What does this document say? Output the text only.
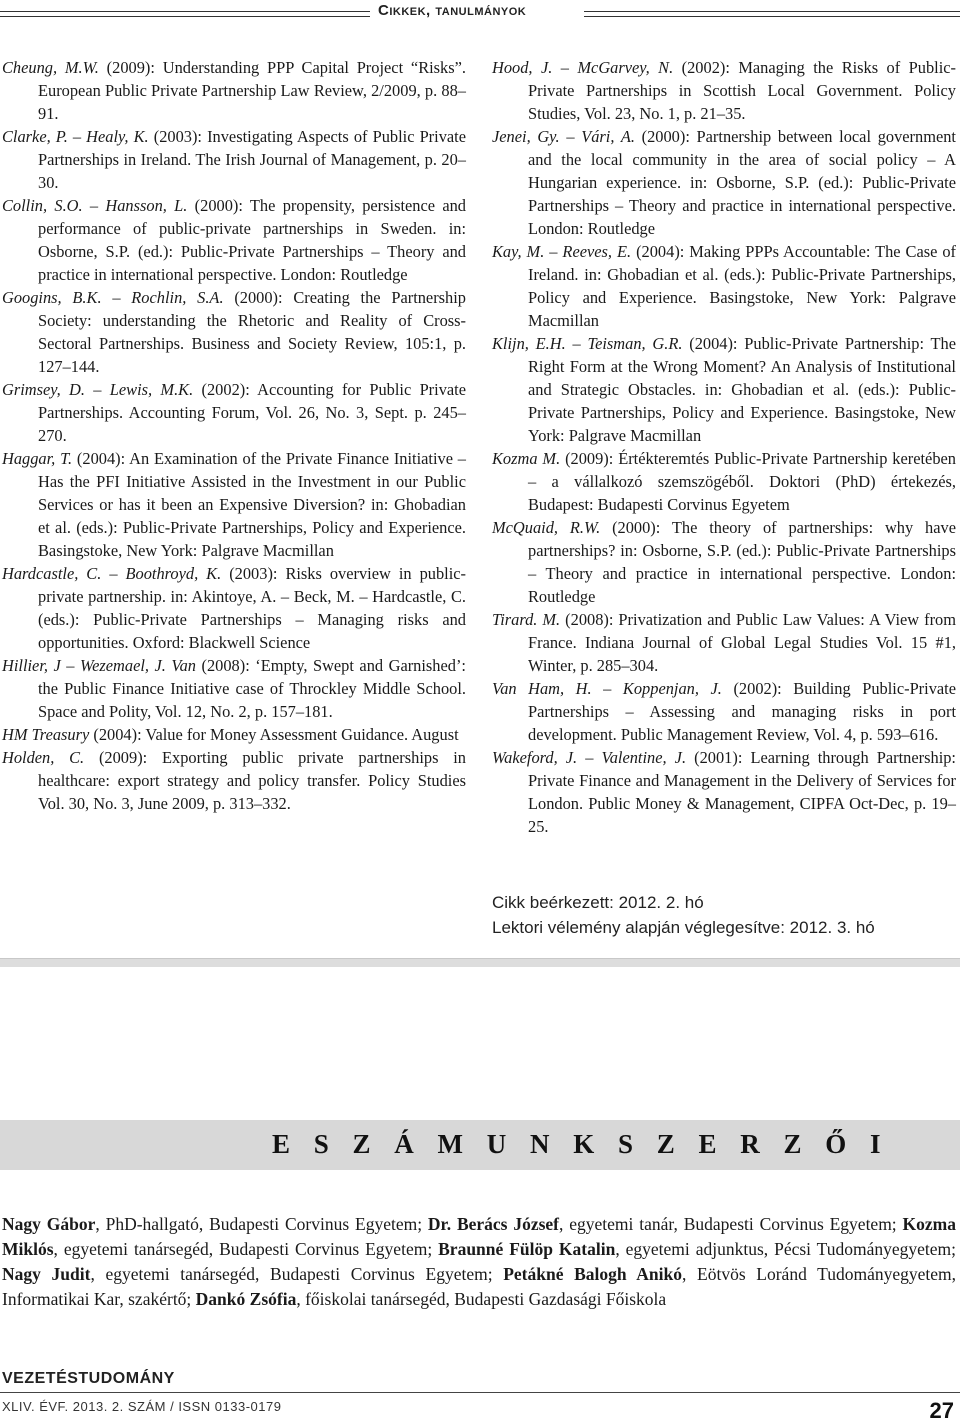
Cikkek, tanulmányok

Cheung, M.W. (2009): Understanding PPP Capital Project “Risks”. European Public Private Partnership Law Review, 2/2009, p. 88–91.

Clarke, P. – Healy, K. (2003): Investigating Aspects of Public Private Partnerships in Ireland. The Irish Journal of Management, p. 20–30.

Collin, S.O. – Hansson, L. (2000): The propensity, persistence and performance of public-private partnerships in Sweden. in: Osborne, S.P. (ed.): Public-Private Partnerships – Theory and practice in international perspective. London: Routledge

Googins, B.K. – Rochlin, S.A. (2000): Creating the Partnership Society: understanding the Rhetoric and Reality of Cross-Sectoral Partnerships. Business and Society Review, 105:1, p. 127–144.

Grimsey, D. – Lewis, M.K. (2002): Accounting for Public Private Partnerships. Accounting Forum, Vol. 26, No. 3, Sept. p. 245–270.

Haggar, T. (2004): An Examination of the Private Finance Initiative – Has the PFI Initiative Assisted in the Investment in our Public Services or has it been an Expensive Diversion? in: Ghobadian et al. (eds.): Public-Private Partnerships, Policy and Experience. Basingstoke, New York: Palgrave Macmillan

Hardcastle, C. – Boothroyd, K. (2003): Risks overview in public-private partnership. in: Akintoye, A. – Beck, M. – Hardcastle, C. (eds.): Public-Private Partnerships – Managing risks and opportunities. Oxford: Blackwell Science

Hillier, J – Wezemael, J. Van (2008): ‘Empty, Swept and Garnished’: the Public Finance Initiative case of Throckley Middle School. Space and Polity, Vol. 12, No. 2, p. 157–181.

HM Treasury (2004): Value for Money Assessment Guidance. August

Holden, C. (2009): Exporting public private partnerships in healthcare: export strategy and policy transfer. Policy Studies Vol. 30, No. 3, June 2009, p. 313–332.

Hood, J. – McGarvey, N. (2002): Managing the Risks of Public-Private Partnerships in Scottish Local Government. Policy Studies, Vol. 23, No. 1, p. 21–35.

Jenei, Gy. – Vári, A. (2000): Partnership between local government and the local community in the area of social policy – A Hungarian experience. in: Osborne, S.P. (ed.): Public-Private Partnerships – Theory and practice in international perspective. London: Routledge

Kay, M. – Reeves, E. (2004): Making PPPs Accountable: The Case of Ireland. in: Ghobadian et al. (eds.): Public-Private Partnerships, Policy and Experience. Basingstoke, New York: Palgrave Macmillan

Klijn, E.H. – Teisman, G.R. (2004): Public-Private Partnership: The Right Form at the Wrong Moment? An Analysis of Institutional and Strategic Obstacles. in: Ghobadian et al. (eds.): Public-Private Partnerships, Policy and Experience. Basingstoke, New York: Palgrave Macmillan

Kozma M. (2009): Értékteremtés Public-Private Partnership keretében – a vállalkozó szemszögéből. Doktori (PhD) értekezés, Budapest: Budapesti Corvinus Egyetem

McQuaid, R.W. (2000): The theory of partnerships: why have partnerships? in: Osborne, S.P. (ed.): Public-Private Partnerships – Theory and practice in international perspective. London: Routledge

Tirard. M. (2008): Privatization and Public Law Values: A View from France. Indiana Journal of Global Legal Studies Vol. 15 #1, Winter, p. 285–304.

Van Ham, H. – Koppenjan, J. (2002): Building Public-Private Partnerships – Assessing and managing risks in port development. Public Management Review, Vol. 4, p. 593–616.

Wakeford, J. – Valentine, J. (2001): Learning through Partnership: Private Finance and Management in the Delivery of Services for London. Public Money & Management, CIPFA Oct-Dec, p. 19–25.

Cikk beérkezett: 2012. 2. hó
Lektori vélemény alapján véglegesítve: 2012. 3. hó
E S Z Á M U N K S Z E R Z Ő I
Nagy Gábor, PhD-hallgató, Budapesti Corvinus Egyetem; Dr. Berács József, egyetemi tanár, Budapesti Corvinus Egyetem; Kozma Miklós, egyetemi tanársegéd, Budapesti Corvinus Egyetem; Braunné Fülöp Katalin, egyetemi adjunktus, Pécsi Tudományegyetem; Nagy Judit, egyetemi tanársegéd, Budapesti Corvinus Egyetem; Petákné Balogh Anikó, Eötvös Loránd Tudományegyetem, Informatikai Kar, szakértő; Dankó Zsófia, főiskolai tanársegéd, Budapesti Gazdasági Főiskola
VEZETÉSTUDOMÁNY
XLIV. ÉVF. 2013. 2. SZÁM / ISSN 0133-0179	27
